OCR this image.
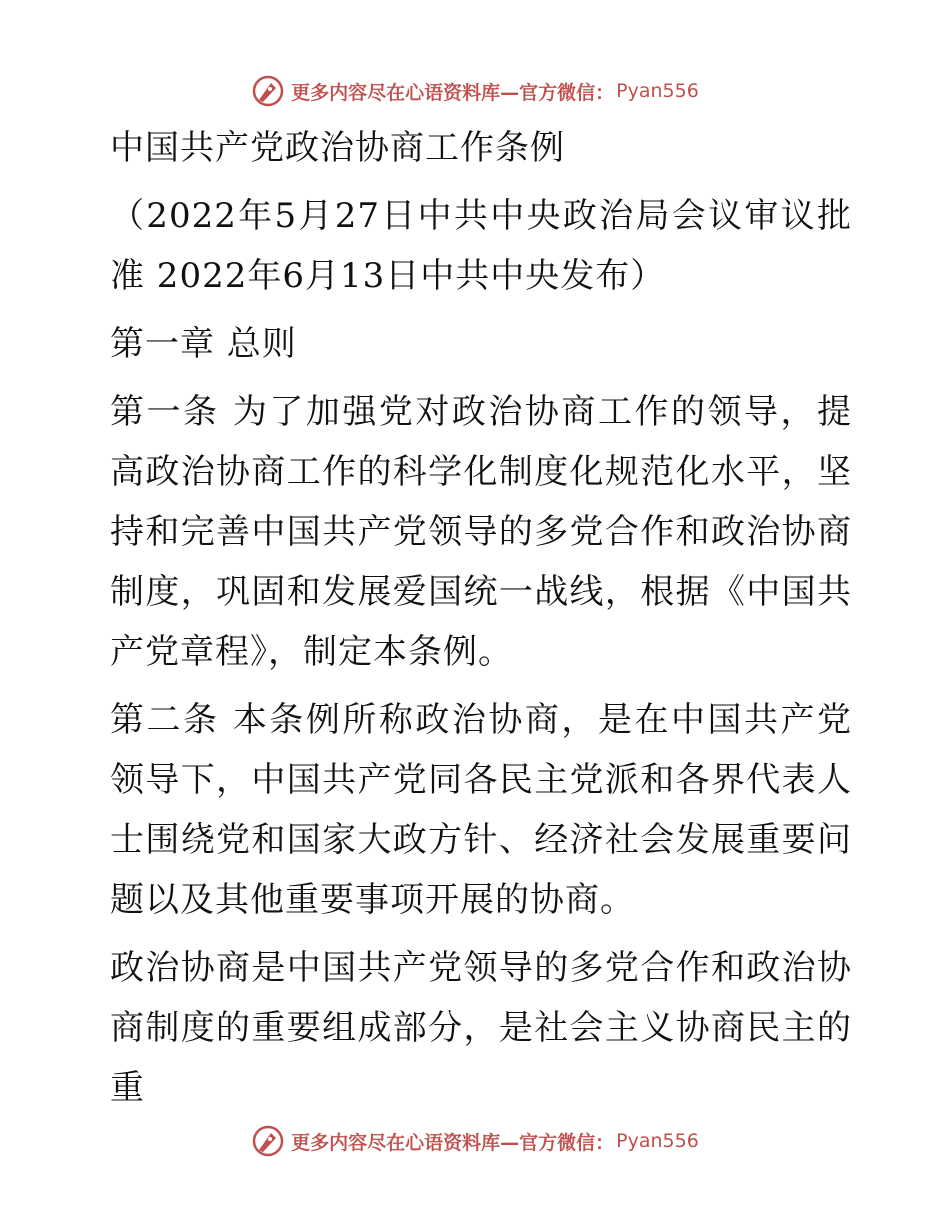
更多内容尽在心语资料库—官方微信： Pyan556

中国共产党政治协商工作条例

（2022年5月27日中共中央政治局会议审议批准 2022年6月13日中共中央发布）

第一章 总则

第一条 为了加强党对政治协商工作的领导，提高政治协商工作的科学化制度化规范化水平，坚持和完善中国共产党领导的多党合作和政治协商制度，巩固和发展爱国统一战线，根据《中国共产党章程》，制定本条例。

第二条 本条例所称政治协商，是在中国共产党领导下，中国共产党同各民主党派和各界代表人士围绕党和国家大政方针、经济社会发展重要问题以及其他重要事项开展的协商。

政治协商是中国共产党领导的多党合作和政治协商制度的重要组成部分，是社会主义协商民主的重

更多内容尽在心语资料库—官方微信： Pyan556
